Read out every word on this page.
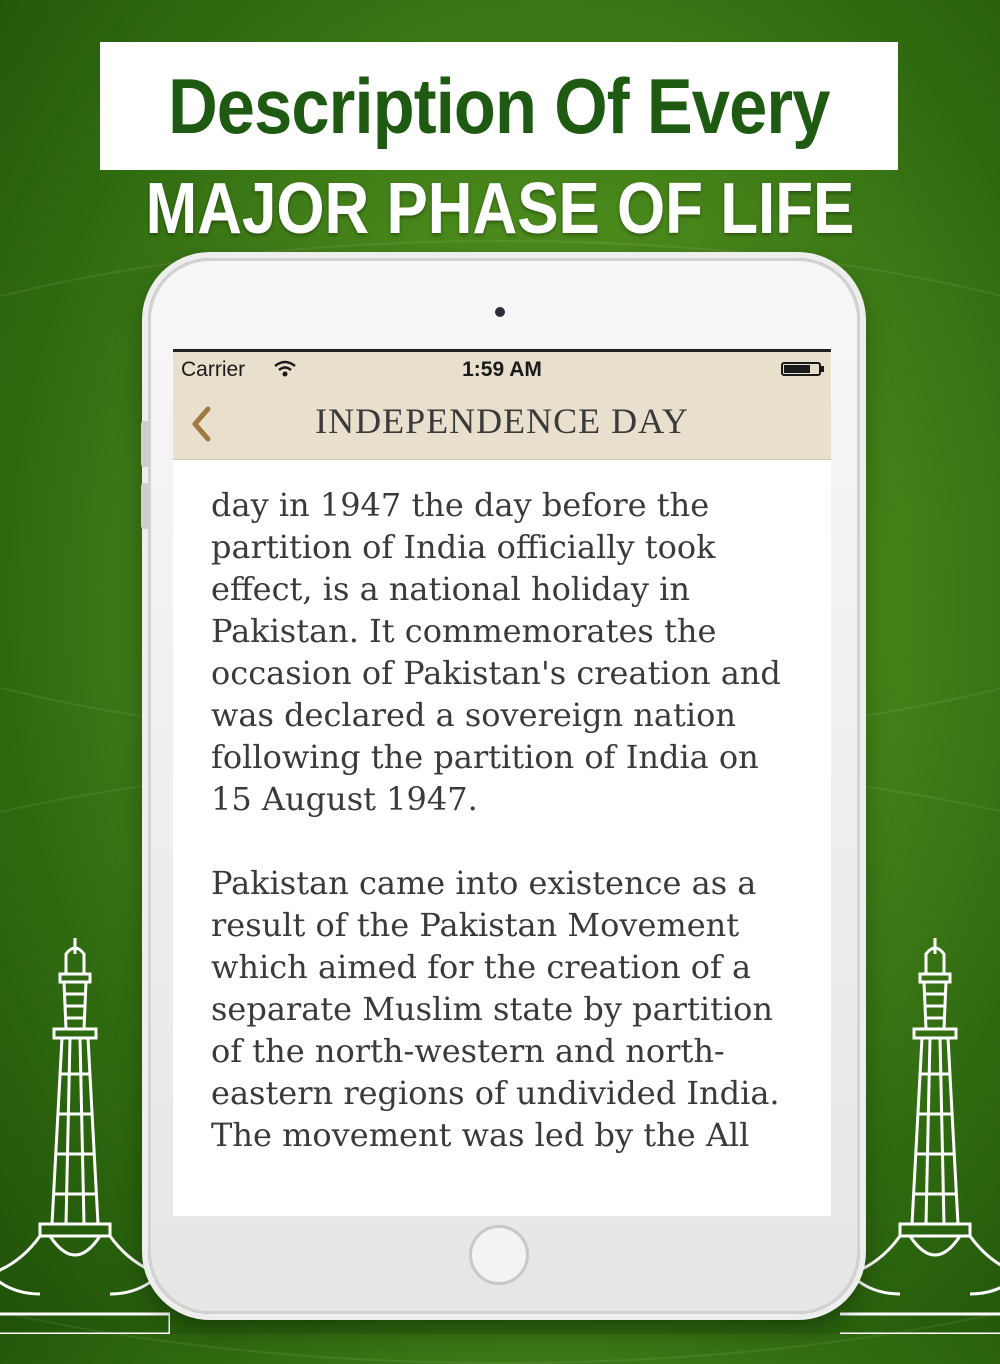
Description Of Every
MAJOR PHASE OF LIFE
Carrier	1:59 AM
INDEPENDENCE DAY

day in 1947 the day before the partition of India officially took effect, is a national holiday in Pakistan. It commemorates the occasion of Pakistan's creation and was declared a sovereign nation following the partition of India on 15 August 1947.

Pakistan came into existence as a result of the Pakistan Movement which aimed for the creation of a separate Muslim state by partition of the north-western and north-eastern regions of undivided India. The movement was led by the All
